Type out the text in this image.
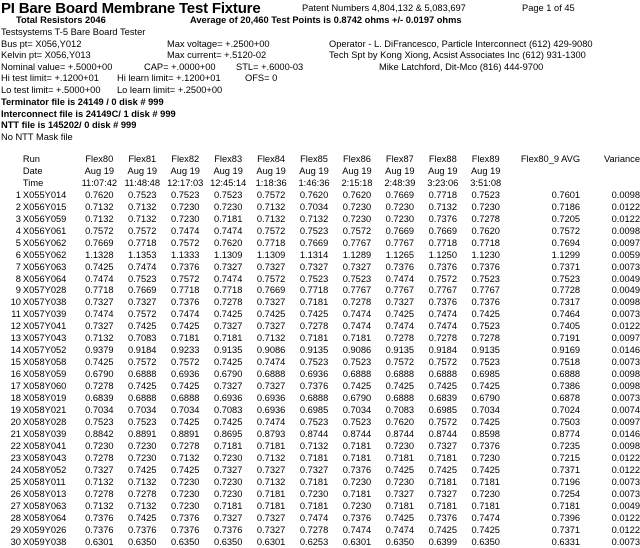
PI Bare Board Membrane Test Fixture	Patent Numbers 4,804,132 & 5,083,697	Page 1 of 45
Total Resistors 2046	Average of 20,460 Test Points is 0.8742 ohms +/- 0.0197 ohms
Testsystems T-5 Bare Board Tester
Bus pt= X056,Y012	Max voltage= +.2500+00	Operator - L. DiFrancesco, Particle Interconnect (612) 429-9080
Kelvin pt= X056,Y013	Max current= +.5120-02	Tech Spt by Kong Xiong, Acsist Associates Inc (612) 931-1300
Nominal value= +.5000+00	CAP= +.0000+00 STL= +.6000-03	Mike Latchford, Dit-Mco (816) 444-9700
Hi test limit= +.1200+01 Hi learn limit= +.1200+01	OFS= 0
Lo test limit= +.5000+00 Lo learn limit= +.2500+00
Terminator file is 24149 / 0 disk # 999
Interconnect file is 24149C/ 1 disk # 999
NTT file is 145202/ 0 disk # 999
No NTT Mask file
	Run	Flex80	Flex81	Flex82	Flex83	Flex84	Flex85	Flex86	Flex87	Flex88	Flex89	Flex80_9 AVG	Variance
	Date	Aug 19	Aug 19	Aug 19	Aug 19	Aug 19	Aug 19	Aug 19	Aug 19	Aug 19	Aug 19		
	Time	11:07:42	11:48:48	12:17:03	12:45:14	1:18:36	1:46:36	2:15:18	2:48:39	3:23:06	3:51:08		
1	X055Y014	0.7620	0.7523	0.7523	0.7523	0.7572	0.7620	0.7620	0.7669	0.7718	0.7523	0.7601	0.0098
2	X056Y015	0.7132	0.7132	0.7230	0.7230	0.7132	0.7034	0.7230	0.7230	0.7132	0.7230	0.7186	0.0122
3	X056Y059	0.7132	0.7132	0.7230	0.7181	0.7132	0.7132	0.7230	0.7230	0.7376	0.7278	0.7205	0.0122
4	X056Y061	0.7572	0.7572	0.7474	0.7474	0.7572	0.7523	0.7572	0.7669	0.7669	0.7620	0.7572	0.0098
5	X056Y062	0.7669	0.7718	0.7572	0.7620	0.7718	0.7669	0.7767	0.7767	0.7718	0.7718	0.7694	0.0097
6	X055Y062	1.1328	1.1353	1.1333	1.1309	1.1309	1.1314	1.1289	1.1265	1.1250	1.1230	1.1299	0.0059
7	X056Y063	0.7425	0.7474	0.7376	0.7327	0.7327	0.7327	0.7327	0.7376	0.7376	0.7376	0.7371	0.0073
8	X056Y064	0.7474	0.7523	0.7572	0.7474	0.7572	0.7523	0.7523	0.7474	0.7572	0.7523	0.7523	0.0049
9	X057Y028	0.7718	0.7669	0.7718	0.7718	0.7669	0.7718	0.7767	0.7767	0.7767	0.7767	0.7728	0.0049
10	X057Y038	0.7327	0.7327	0.7376	0.7278	0.7327	0.7181	0.7278	0.7327	0.7376	0.7376	0.7317	0.0098
11	X057Y039	0.7474	0.7572	0.7474	0.7425	0.7425	0.7425	0.7474	0.7425	0.7474	0.7425	0.7464	0.0073
12	X057Y041	0.7327	0.7425	0.7425	0.7327	0.7327	0.7278	0.7474	0.7474	0.7474	0.7523	0.7405	0.0122
13	X057Y043	0.7132	0.7083	0.7181	0.7181	0.7132	0.7181	0.7181	0.7278	0.7278	0.7278	0.7191	0.0097
14	X057Y052	0.9379	0.9184	0.9233	0.9135	0.9086	0.9135	0.9086	0.9135	0.9184	0.9135	0.9169	0.0146
15	X058Y058	0.7425	0.7572	0.7572	0.7425	0.7474	0.7523	0.7523	0.7572	0.7572	0.7523	0.7518	0.0073
16	X058Y059	0.6790	0.6888	0.6936	0.6790	0.6888	0.6936	0.6888	0.6888	0.6888	0.6985	0.6888	0.0098
17	X058Y060	0.7278	0.7425	0.7425	0.7327	0.7327	0.7376	0.7425	0.7425	0.7425	0.7425	0.7386	0.0098
18	X058Y019	0.6839	0.6888	0.6888	0.6936	0.6936	0.6888	0.6790	0.6888	0.6839	0.6790	0.6878	0.0073
19	X058Y021	0.7034	0.7034	0.7034	0.7083	0.6936	0.6985	0.7034	0.7083	0.6985	0.7034	0.7024	0.0074
20	X058Y028	0.7523	0.7523	0.7425	0.7425	0.7474	0.7523	0.7523	0.7620	0.7572	0.7425	0.7503	0.0097
21	X058Y039	0.8842	0.8891	0.8891	0.8695	0.8793	0.8744	0.8744	0.8744	0.8744	0.8598	0.8774	0.0146
22	X058Y041	0.7230	0.7230	0.7278	0.7181	0.7181	0.7132	0.7181	0.7230	0.7327	0.7376	0.7235	0.0098
23	X058Y043	0.7278	0.7230	0.7132	0.7230	0.7132	0.7181	0.7181	0.7181	0.7181	0.7230	0.7215	0.0122
24	X058Y052	0.7327	0.7425	0.7425	0.7327	0.7327	0.7327	0.7376	0.7425	0.7425	0.7425	0.7371	0.0122
25	X058Y011	0.7132	0.7132	0.7230	0.7230	0.7132	0.7181	0.7230	0.7230	0.7181	0.7181	0.7196	0.0073
26	X058Y013	0.7278	0.7278	0.7230	0.7230	0.7181	0.7230	0.7181	0.7327	0.7327	0.7230	0.7254	0.0073
27	X058Y063	0.7132	0.7132	0.7230	0.7181	0.7181	0.7181	0.7230	0.7181	0.7181	0.7181	0.7181	0.0049
28	X058Y064	0.7376	0.7425	0.7376	0.7327	0.7327	0.7474	0.7376	0.7425	0.7376	0.7474	0.7396	0.0122
29	X059Y026	0.7376	0.7376	0.7376	0.7376	0.7327	0.7278	0.7474	0.7474	0.7425	0.7425	0.7371	0.0122
30	X059Y038	0.6301	0.6350	0.6350	0.6350	0.6301	0.6253	0.6301	0.6350	0.6399	0.6350	0.6331	0.0073
